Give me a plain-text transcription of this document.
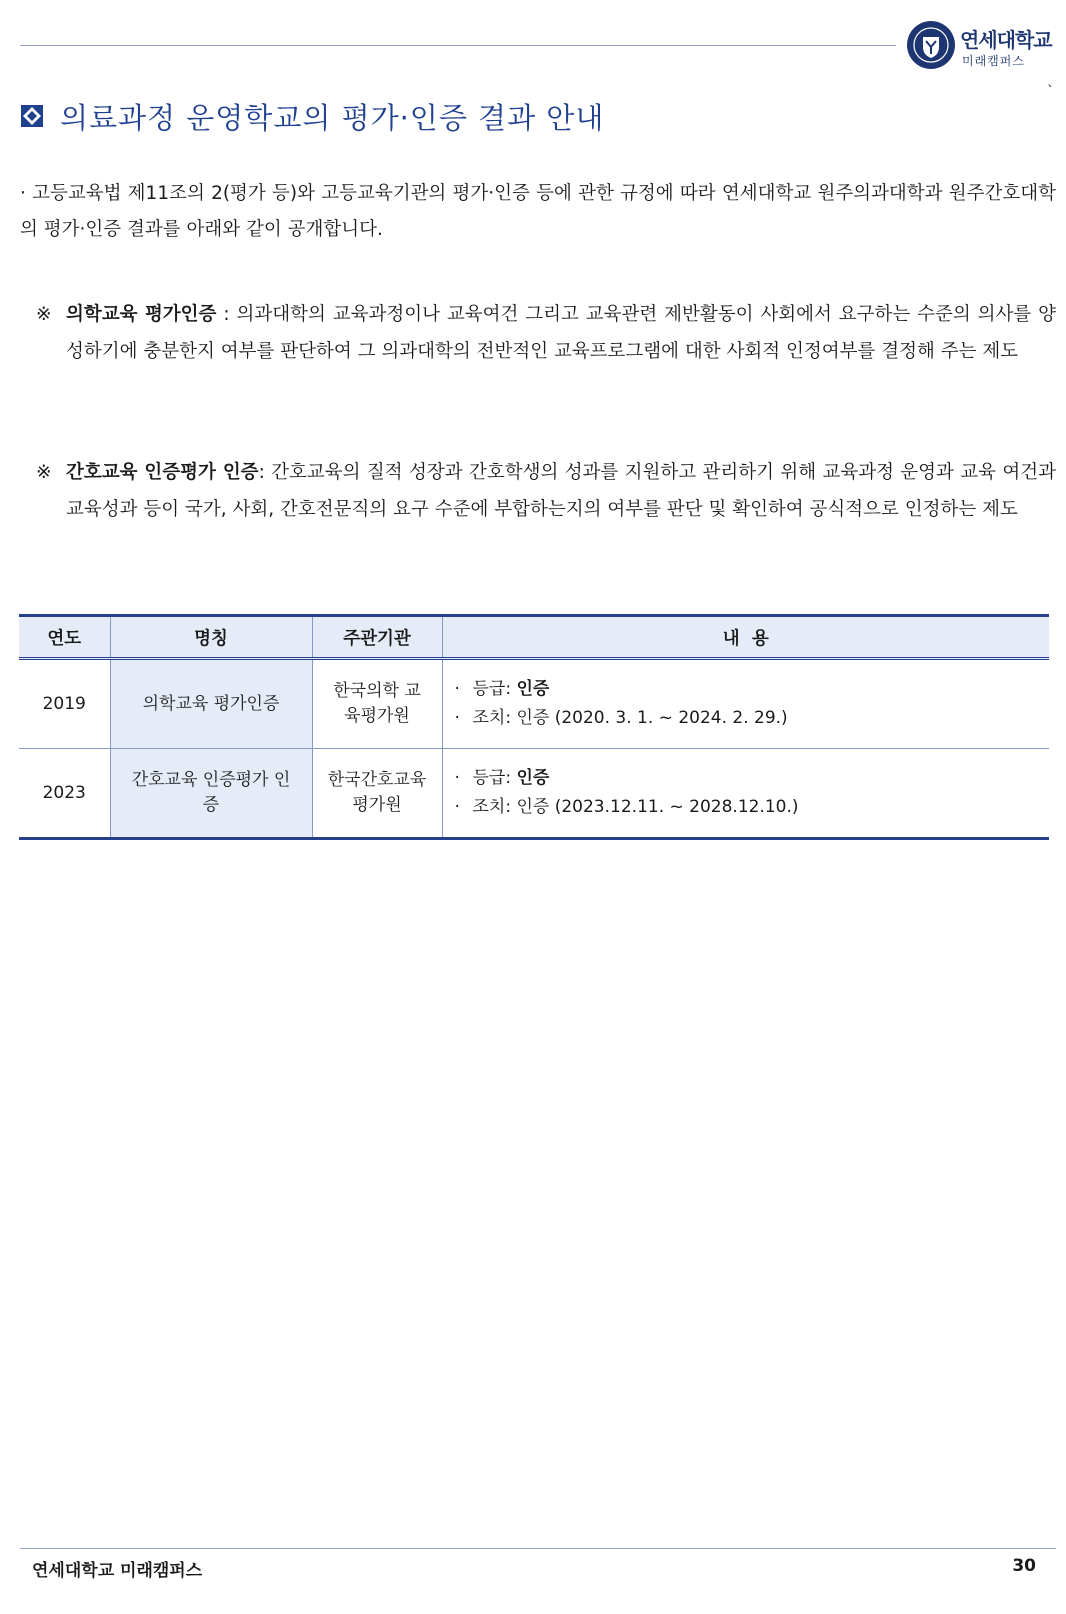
연세대학교
미래캠퍼스
`
의료과정 운영학교의 평가·인증 결과 안내
· 고등교육법 제11조의 2(평가 등)와 고등교육기관의 평가·인증 등에 관한 규정에 따라 연세대학교 원주의과대학과 원주간호대학의 평가·인증 결과를 아래와 같이 공개합니다.
※ 의학교육 평가인증 : 의과대학의 교육과정이나 교육여건 그리고 교육관련 제반활동이 사회에서 요구하는 수준의 의사를 양성하기에 충분한지 여부를 판단하여 그 의과대학의 전반적인 교육프로그램에 대한 사회적 인정여부를 결정해 주는 제도
※ 간호교육 인증평가 인증: 간호교육의 질적 성장과 간호학생의 성과를 지원하고 관리하기 위해 교육과정 운영과 교육 여건과 교육성과 등이 국가, 사회, 간호전문직의 요구 수준에 부합하는지의 여부를 판단 및 확인하여 공식적으로 인정하는 제도
연도	명칭	주관기관	내  용
2019	의학교육 평가인증	한국의학 교육평가원	· 등급: 인증
· 조치: 인증 (2020. 3. 1. ~ 2024. 2. 29.)

2023	간호교육 인증평가 인증	한국간호교육 평가원	· 등급: 인증
· 조치: 인증 (2023.12.11. ~ 2028.12.10.)
연세대학교 미래캠퍼스	30
